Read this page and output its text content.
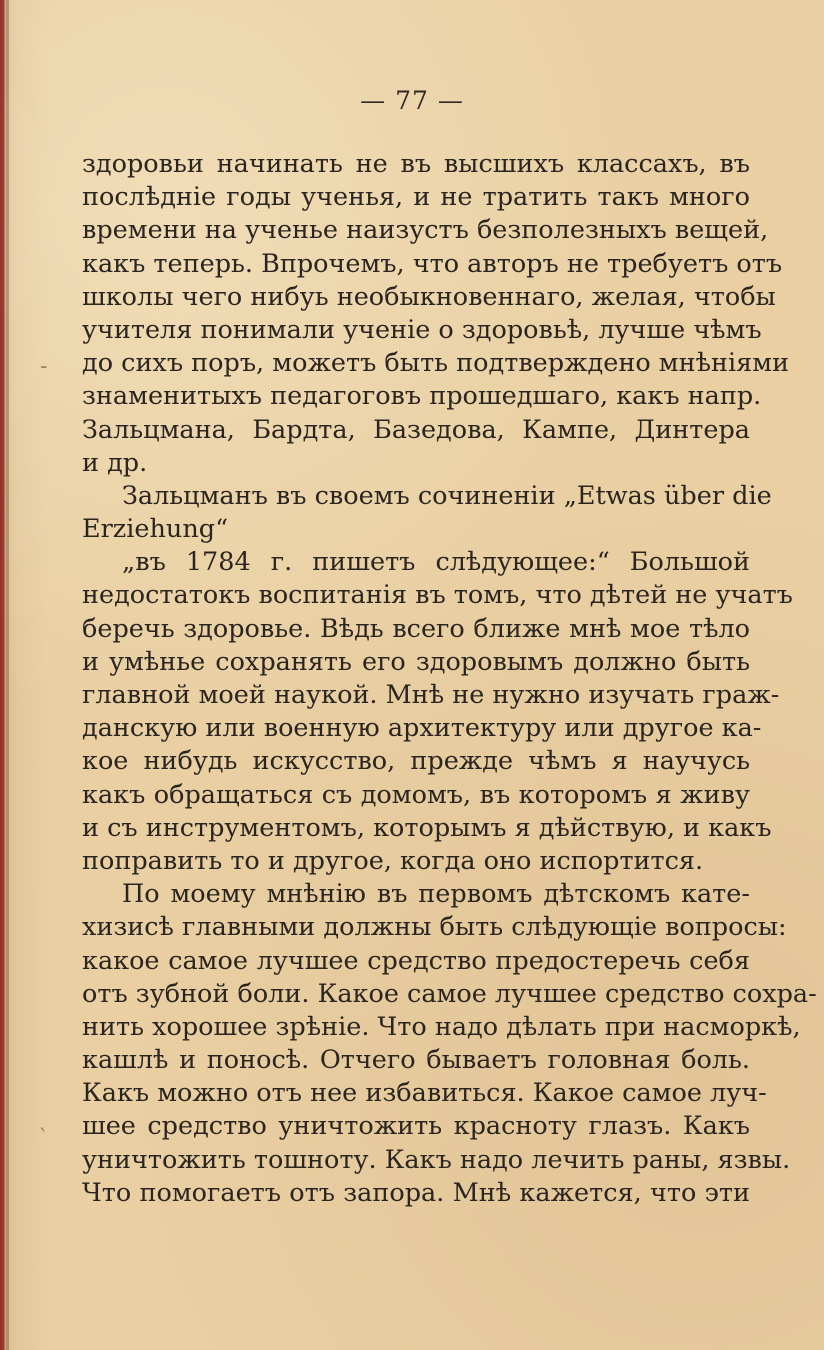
— 77 —
здоровьи начинать не въ высшихъ классахъ, въ
послѣднiе годы ученья, и не тратить такъ много
времени на ученье наизустъ безполезныхъ вещей,
какъ теперь. Впрочемъ, что авторъ не требуетъ отъ
школы чего нибуь необыкновеннаго, желая, чтобы
учителя понимали ученiе о здоровьѣ, лучше чѣмъ
до сихъ поръ, можетъ быть подтверждено мнѣнiями
знаменитыхъ педагоговъ прошедшаго, какъ напр.
Зальцмана, Бардта, Базедова, Кампе, Динтера
и др.
Зальцманъ въ своемъ сочиненiи „Etwas über die
Erziehung“
„въ 1784 г. пишетъ слѣдующее:“ Большой
недостатокъ воспитанiя въ томъ, что дѣтей не учатъ
беречь здоровье. Вѣдь всего ближе мнѣ мое тѣло
и умѣнье сохранять его здоровымъ должно быть
главной моей наукой. Мнѣ не нужно изучать граж-
данскую или военную архитектуру или другое ка-
кое нибудь искусство, прежде чѣмъ я научусь
какъ обращаться съ домомъ, въ которомъ я живу
и съ инструментомъ, которымъ я дѣйствую, и какъ
поправить то и другое, когда оно испортится.
По моему мнѣнiю въ первомъ дѣтскомъ кате-
хизисѣ главными должны быть слѣдующiе вопросы:
какое самое лучшее средство предостеречь себя
отъ зубной боли. Какое самое лучшее средство сохра-
нить хорошее зрѣнiе. Что надо дѣлать при насморкѣ,
кашлѣ и поносѣ. Отчего бываетъ головная боль.
Какъ можно отъ нее избавиться. Какое самое луч-
шее средство уничтожить красноту глазъ. Какъ
уничтожить тошноту. Какъ надо лечить раны, язвы.
Что помогаетъ отъ запора. Мнѣ кажется, что эти
-
‵
